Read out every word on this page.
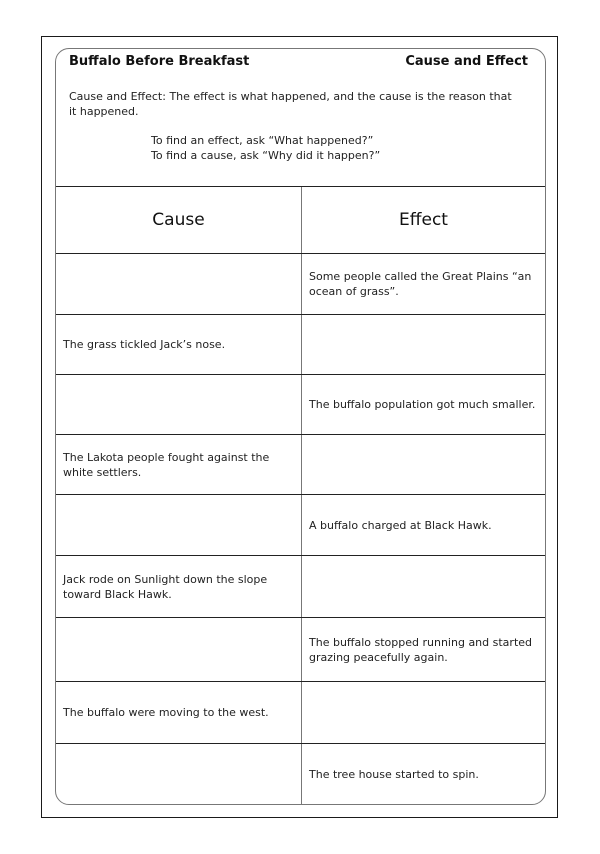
Buffalo Before Breakfast	Cause and Effect
Cause and Effect: The effect is what happened, and the cause is the reason that it happened.
To find an effect, ask “What happened?”
To find a cause, ask “Why did it happen?”
Cause	Effect
Some people called the Great Plains “an ocean of grass”.
The grass tickled Jack’s nose.
The buffalo population got much smaller.
The Lakota people fought against the white settlers.
A buffalo charged at Black Hawk.
Jack rode on Sunlight down the slope toward Black Hawk.
The buffalo stopped running and started grazing peacefully again.
The buffalo were moving to the west.
The tree house started to spin.
